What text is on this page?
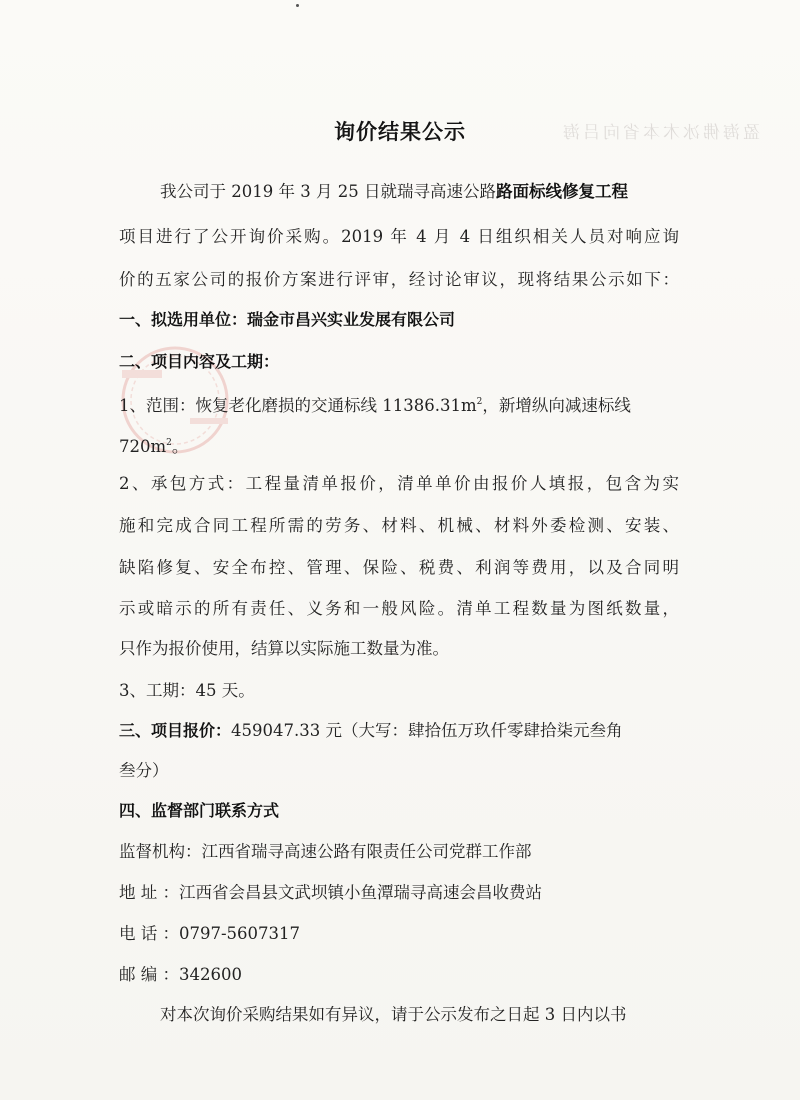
盈海佛冰木本省向吕海
询价结果公示
我公司于 2019 年 3 月 25 日就瑞寻高速公路路面标线修复工程
项目进行了公开询价采购。2019 年 4 月 4 日组织相关人员对响应询
价的五家公司的报价方案进行评审，经讨论审议，现将结果公示如下：
一、拟选用单位：瑞金市昌兴实业发展有限公司
二、项目内容及工期：
1、范围：恢复老化磨损的交通标线 $11386.31m^2$，新增纵向减速标线
$720m^2$。
2、承包方式：工程量清单报价，清单单价由报价人填报，包含为实
施和完成合同工程所需的劳务、材料、机械、材料外委检测、安装、
缺陷修复、安全布控、管理、保险、税费、利润等费用，以及合同明
示或暗示的所有责任、义务和一般风险。清单工程数量为图纸数量，
只作为报价使用，结算以实际施工数量为准。
3、工期：45 天。
三、项目报价：459047.33 元（大写：肆拾伍万玖仟零肆拾柒元叁角
叁分）
四、监督部门联系方式
监督机构：江西省瑞寻高速公路有限责任公司党群工作部
地 址 ：江西省会昌县文武坝镇小鱼潭瑞寻高速会昌收费站
电 话 ：0797-5607317
邮 编 ：342600
对本次询价采购结果如有异议，请于公示发布之日起 3 日内以书
